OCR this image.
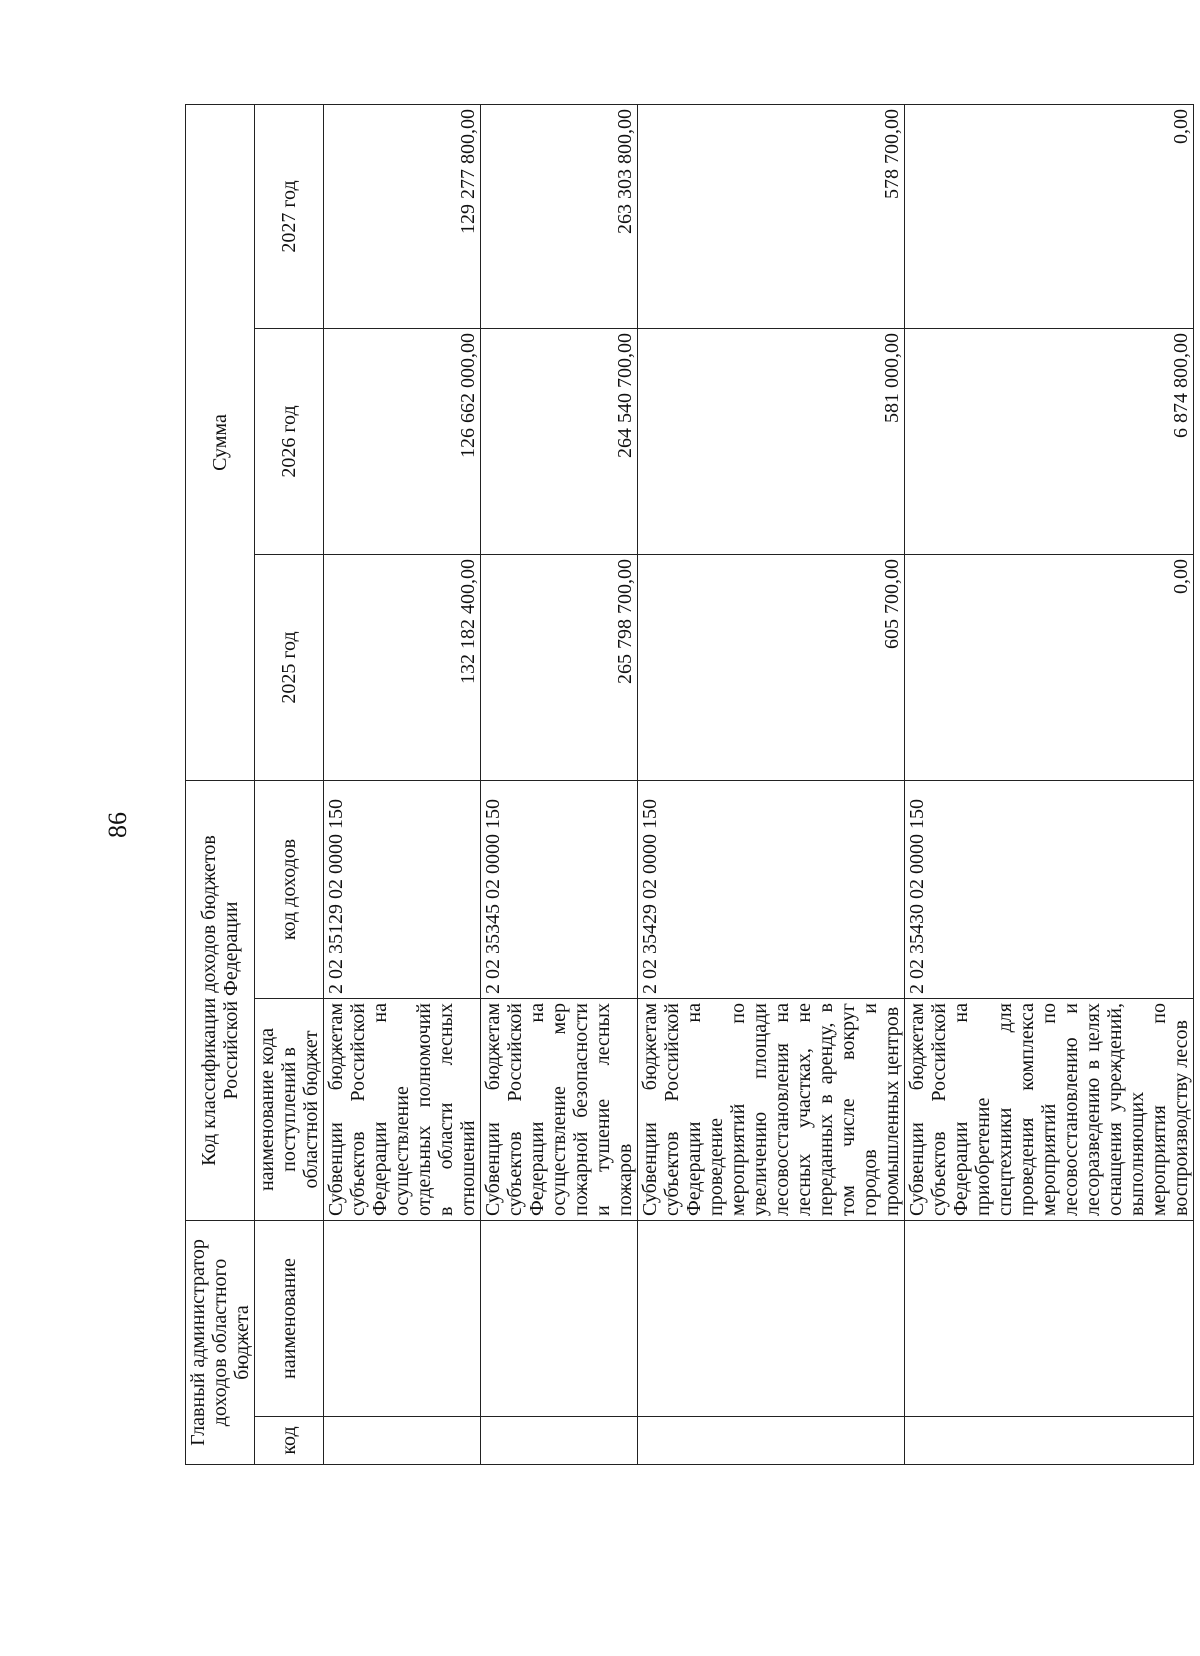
86
Главный администратор доходов областного бюджета		Код классификации доходов бюджетов Российской Федерации		Сумма		
код	наименование	наименование кода поступлений в областной бюджет	код доходов	2025 год	2026 год	2027 год
		Субвенции бюджетам субъектов Российской Федерации на осуществление отдельных полномочий в области лесных отношений	2 02 35129 02 0000 150	132 182 400,00	126 662 000,00	129 277 800,00
		Субвенции бюджетам субъектов Российской Федерации на осуществление мер пожарной безопасности и тушение лесных пожаров	2 02 35345 02 0000 150	265 798 700,00	264 540 700,00	263 303 800,00
		Субвенции бюджетам субъектов Российской Федерации на проведение мероприятий по увеличению площади лесовосстановления на лесных участках, не переданных в аренду, в том числе вокруг городов и промышленных центров	2 02 35429 02 0000 150	605 700,00	581 000,00	578 700,00
		Субвенции бюджетам субъектов Российской Федерации на приобретение спецтехники для проведения комплекса мероприятий по лесовосстановлению и лесоразведению в целях оснащения учреждений, выполняющих мероприятия по воспроизводству лесов	2 02 35430 02 0000 150	0,00	6 874 800,00	0,00
